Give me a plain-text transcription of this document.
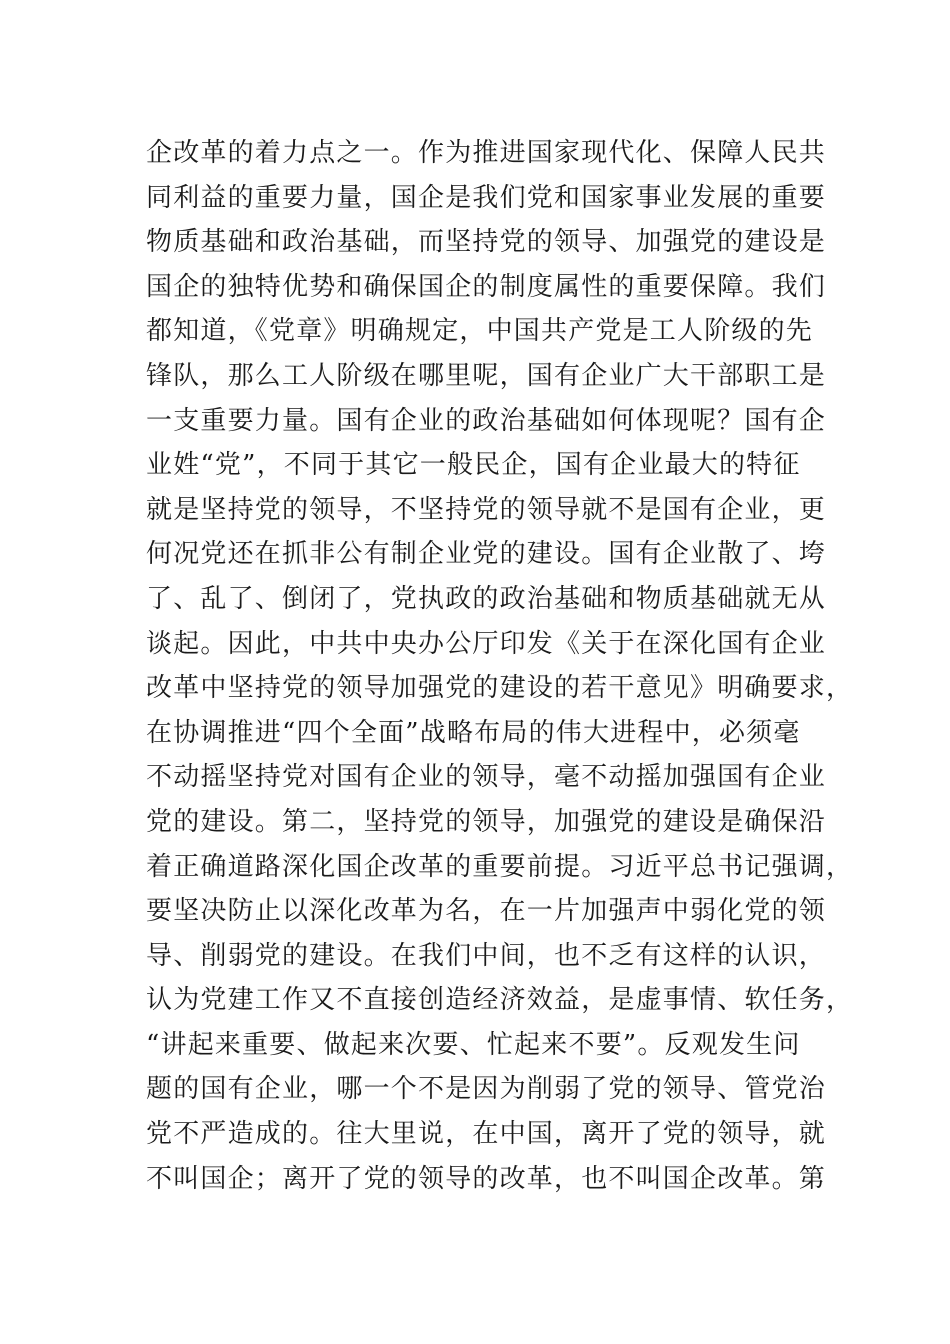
企改革的着力点之一。作为推进国家现代化、保障人民共
同利益的重要力量，国企是我们党和国家事业发展的重要
物质基础和政治基础，而坚持党的领导、加强党的建设是
国企的独特优势和确保国企的制度属性的重要保障。我们
都知道，《党章》明确规定，中国共产党是工人阶级的先
锋队，那么工人阶级在哪里呢，国有企业广大干部职工是
一支重要力量。国有企业的政治基础如何体现呢？国有企
业姓“党”，不同于其它一般民企，国有企业最大的特征
就是坚持党的领导，不坚持党的领导就不是国有企业，更
何况党还在抓非公有制企业党的建设。国有企业散了、垮
了、乱了、倒闭了，党执政的政治基础和物质基础就无从
谈起。因此，中共中央办公厅印发《关于在深化国有企业
改革中坚持党的领导加强党的建设的若干意见》明确要求，
在协调推进“四个全面”战略布局的伟大进程中，必须毫
不动摇坚持党对国有企业的领导，毫不动摇加强国有企业
党的建设。第二，坚持党的领导，加强党的建设是确保沿
着正确道路深化国企改革的重要前提。习近平总书记强调，
要坚决防止以深化改革为名，在一片加强声中弱化党的领
导、削弱党的建设。在我们中间，也不乏有这样的认识，
认为党建工作又不直接创造经济效益，是虚事情、软任务，
“讲起来重要、做起来次要、忙起来不要”。反观发生问
题的国有企业，哪一个不是因为削弱了党的领导、管党治
党不严造成的。往大里说，在中国，离开了党的领导，就
不叫国企；离开了党的领导的改革，也不叫国企改革。第
